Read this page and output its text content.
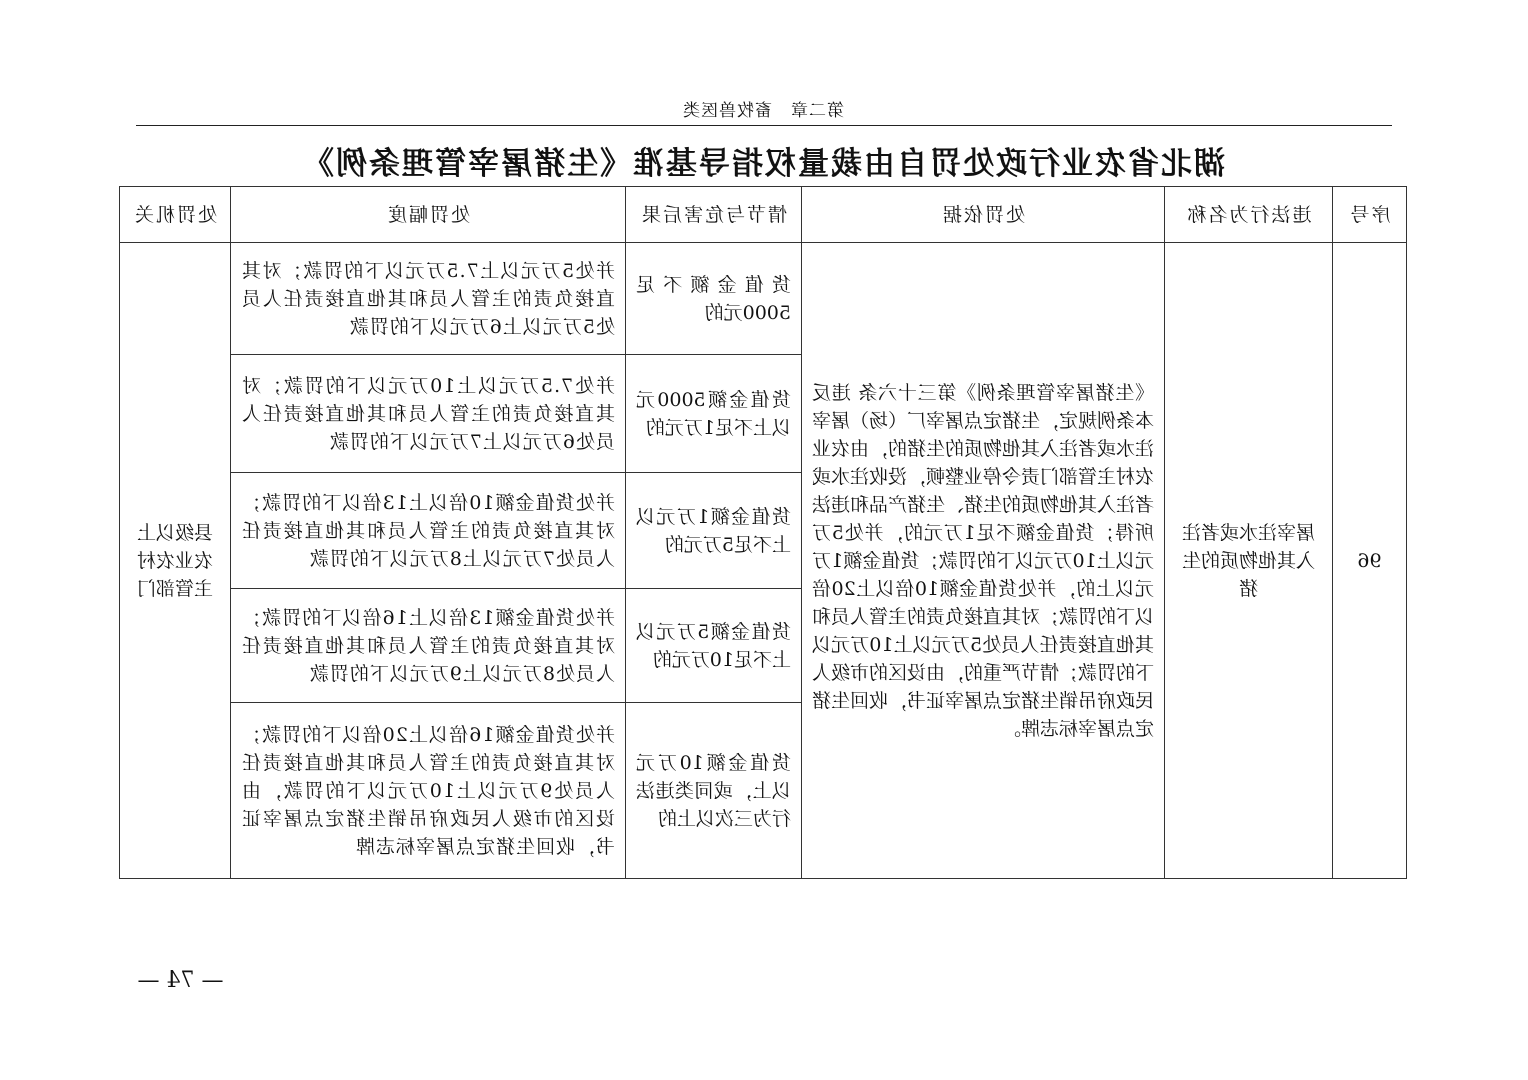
第二章　畜牧兽医类
湖北省农业行政处罚自由裁量权指导基准《生猪屠宰管理条例》
序号	违法行为名称	处罚依据	情节与危害后果	处罚幅度	处罚机关
96	屠宰注水或者注入其他物质的生猪	《生猪屠宰管理条例》第三十六条 违反本条例规定，生猪定点屠宰厂（场）屠宰注水或者注入其他物质的生猪的，由农业农村主管部门责令停业整顿，没收注水或者注入其他物质的生猪、生猪产品和违法所得；货值金额不足1万元的，并处5万元以上10万元以下的罚款；货值金额1万元以上的，并处货值金额10倍以上20倍以下的罚款；对其直接负责的主管人员和其他直接责任人员处5万元以上10万元以下的罚款；情节严重的，由设区的市级人民政府吊销生猪定点屠宰证书，收回生猪定点屠宰标志牌。	货值金额不足5000元的	并处5万元以上7.5万元以下的罚款；对其直接负责的主管人员和其他直接责任人员处5万元以上6万元以下的罚款	县级以上农业农村主管部门
			货值金额5000元以上不足1万元的	并处7.5万元以上10万元以下的罚款；对其直接负责的主管人员和其他直接责任人员处6万元以上7万元以下的罚款	
			货值金额1万元以上不足5万元的	并处货值金额10倍以上13倍以下的罚款；对其直接负责的主管人员和其他直接责任人员处7万元以上8万元以下的罚款	
			货值金额5万元以上不足10万元的	并处货值金额13倍以上16倍以下的罚款；对其直接负责的主管人员和其他直接责任人员处8万元以上9万元以下的罚款	
			货值金额10万元以上，或同类违法行为三次以上的	并处货值金额16倍以上20倍以下的罚款；对其直接负责的主管人员和其他直接责任人员处9万元以上10万元以下的罚款，由设区的市级人民政府吊销生猪定点屠宰证书，收回生猪定点屠宰标志牌	
— 74 —
